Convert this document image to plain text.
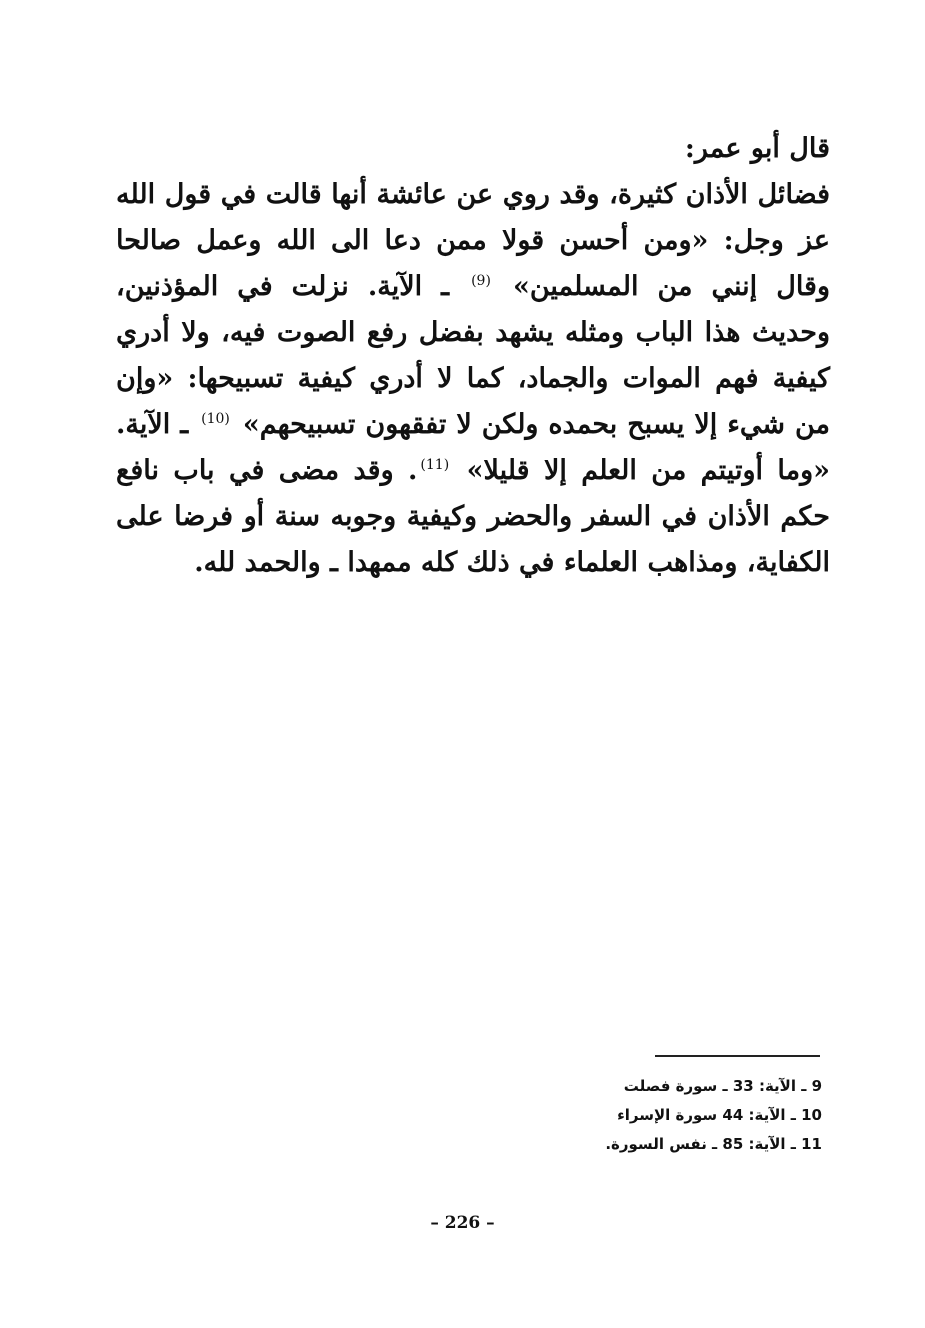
قال أبو عمر:
فضائل الأذان كثيرة، وقد روي عن عائشة أنها قالت في قول الله عز وجل: «ومن أحسن قولا ممن دعا الى الله وعمل صالحا وقال إنني من المسلمين» $^{(9)}$ ـ الآية. نزلت في المؤذنين، وحديث هذا الباب ومثله يشهد بفضل رفع الصوت فيه، ولا أدري كيفية فهم الموات والجماد، كما لا أدري كيفية تسبيحها: «وإن من شيء إلا يسبح بحمده ولكن لا تفقهون تسبيحهم» $^{(10)}$ ـ الآية. «وما أوتيتم من العلم إلا قليلا» $^{(11)}$. وقد مضى في باب نافع حكم الأذان في السفر والحضر وكيفية وجوبه سنة أو فرضا على الكفاية، ومذاهب العلماء في ذلك كله ممهدا ـ والحمد لله.
9 ـ الآية: 33 ـ سورة فصلت
10 ـ الآية: 44 سورة الإسراء
11 ـ الآية: 85 ـ نفس السورة.
– 226 –
